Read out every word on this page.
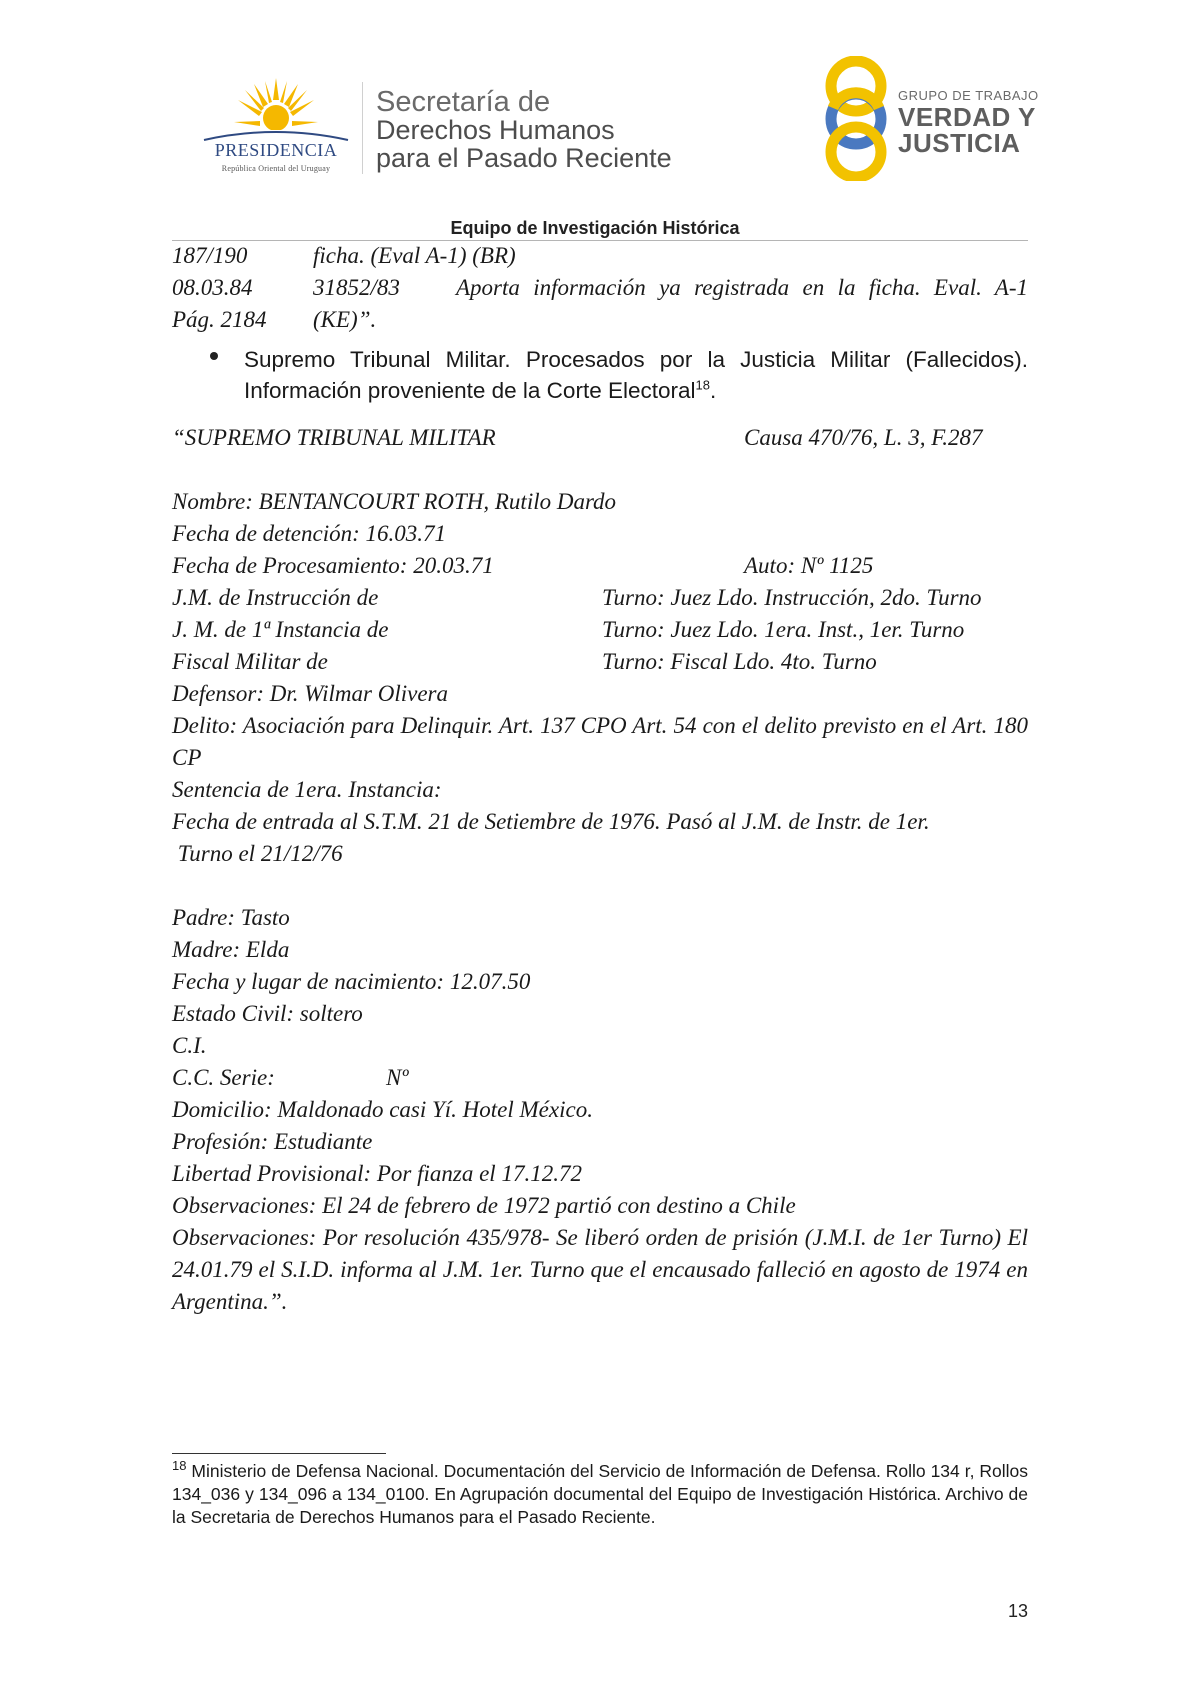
PRESIDENCIA
República Oriental del Uruguay
Secretaría de
Derechos Humanos
para el Pasado Reciente
GRUPO DE TRABAJO
VERDAD Y
JUSTICIA
Equipo de Investigación Histórica
187/190	ficha. (Eval A-1) (BR)
08.03.84	31852/83 Aporta información ya registrada en la ficha. Eval. A-1
Pág. 2184 (KE)”.
Supremo Tribunal Militar. Procesados por la Justicia Militar (Fallecidos). Información proveniente de la Corte Electoral$^{18}$.
“SUPREMO TRIBUNAL MILITAR	Causa 470/76, L. 3, F.287
Nombre: BENTANCOURT ROTH, Rutilo Dardo
Fecha de detención: 16.03.71
Fecha de Procesamiento: 20.03.71	Auto: Nº 1125
J.M. de Instrucción de	Turno: Juez Ldo. Instrucción, 2do. Turno
J. M. de 1ª Instancia de	Turno: Juez Ldo. 1era. Inst., 1er. Turno
Fiscal Militar de	Turno: Fiscal Ldo. 4to. Turno
Defensor: Dr. Wilmar Olivera
Delito: Asociación para Delinquir. Art. 137 CPO Art. 54 con el delito previsto en el Art. 180 CP
Sentencia de 1era. Instancia:
Fecha de entrada al S.T.M. 21 de Setiembre de 1976. Pasó al J.M. de Instr. de 1er.
Turno el 21/12/76
Padre: Tasto
Madre: Elda
Fecha y lugar de nacimiento: 12.07.50
Estado Civil: soltero
C.I.
C.C. Serie:	Nº
Domicilio: Maldonado casi Yí. Hotel México.
Profesión: Estudiante
Libertad Provisional: Por fianza el 17.12.72
Observaciones: El 24 de febrero de 1972 partió con destino a Chile
Observaciones: Por resolución 435/978- Se liberó orden de prisión (J.M.I. de 1er Turno) El 24.01.79 el S.I.D. informa al J.M. 1er. Turno que el encausado falleció en agosto de 1974 en Argentina.”.
$^{18}$ Ministerio de Defensa Nacional. Documentación del Servicio de Información de Defensa. Rollo 134 r, Rollos 134_036 y 134_096 a 134_0100. En Agrupación documental del Equipo de Investigación Histórica. Archivo de la Secretaria de Derechos Humanos para el Pasado Reciente.
13
